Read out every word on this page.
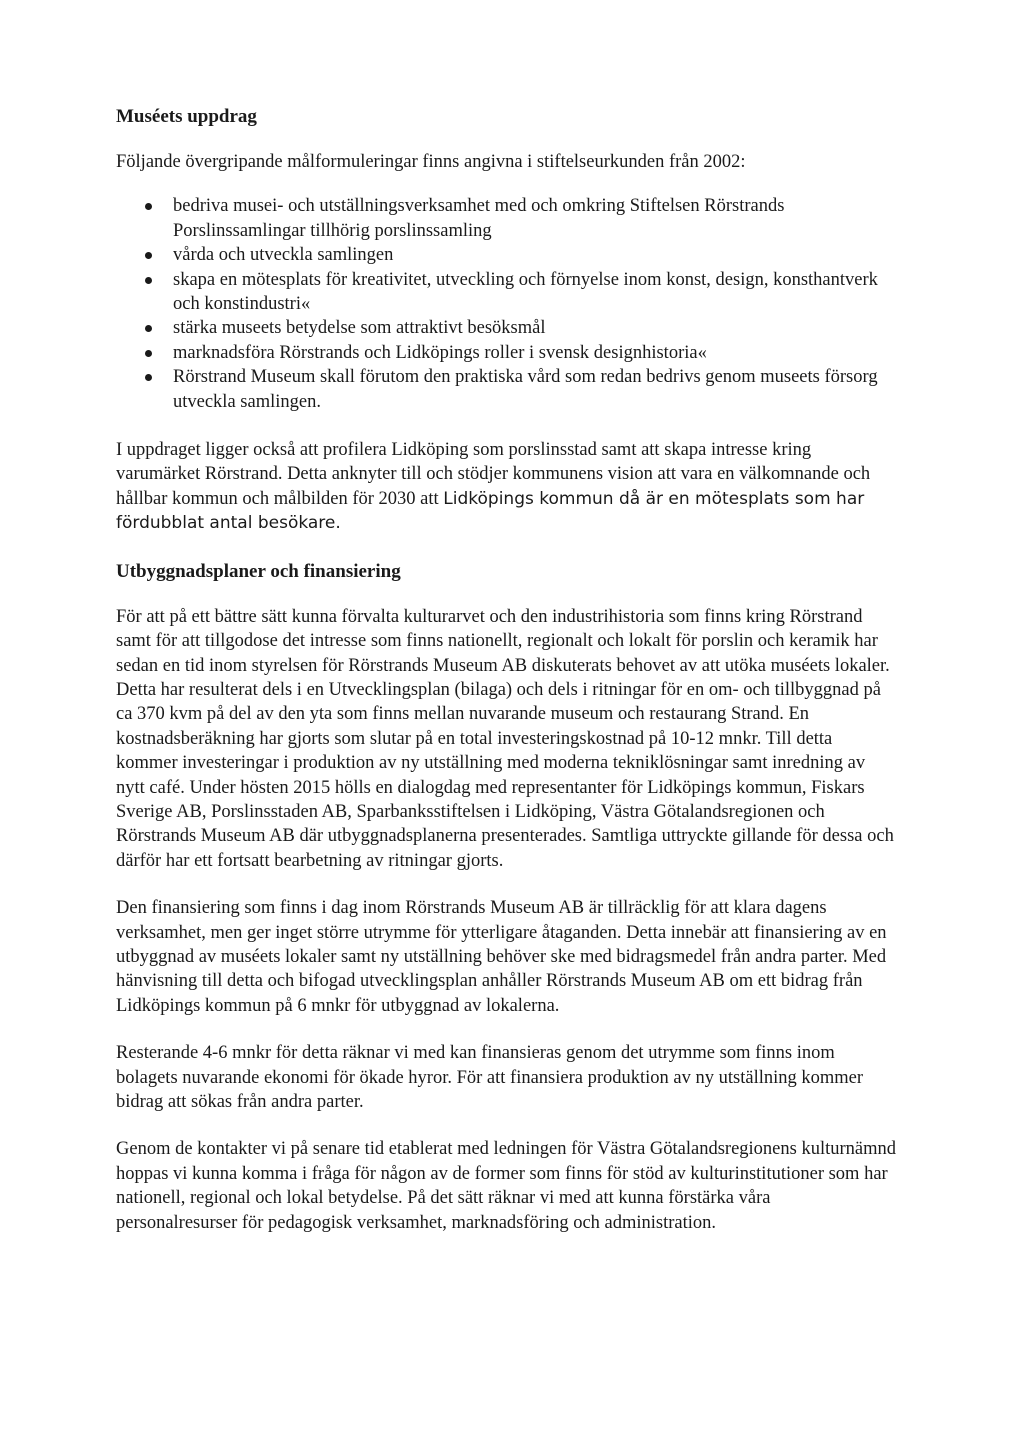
Muséets uppdrag

Följande övergripande målformuleringar finns angivna i stiftelseurkunden från 2002:

bedriva musei- och utställningsverksamhet med och omkring Stiftelsen Rörstrands Porslinssamlingar tillhörig porslinssamling
vårda och utveckla samlingen
skapa en mötesplats för kreativitet, utveckling och förnyelse inom konst, design, konsthantverk och konstindustri«
stärka museets betydelse som attraktivt besöksmål
marknadsföra Rörstrands och Lidköpings roller i svensk designhistoria«
Rörstrand Museum skall förutom den praktiska vård som redan bedrivs genom museets försorg utveckla samlingen.

I uppdraget ligger också att profilera Lidköping som porslinsstad samt att skapa intresse kring varumärket Rörstrand. Detta anknyter till och stödjer kommunens vision att vara en välkomnande och hållbar kommun och målbilden för 2030 att Lidköpings kommun då är en mötesplats som har fördubblat antal besökare.

Utbyggnadsplaner och finansiering

För att på ett bättre sätt kunna förvalta kulturarvet och den industrihistoria som finns kring Rörstrand samt för att tillgodose det intresse som finns nationellt, regionalt och lokalt för porslin och keramik har sedan en tid inom styrelsen för Rörstrands Museum AB diskuterats behovet av att utöka muséets lokaler. Detta har resulterat dels i en Utvecklingsplan (bilaga) och dels i ritningar för en om- och tillbyggnad på ca 370 kvm på del av den yta som finns mellan nuvarande museum och restaurang Strand. En kostnadsberäkning har gjorts som slutar på en total investeringskostnad på 10-12 mnkr. Till detta kommer investeringar i produktion av ny utställning med moderna tekniklösningar samt inredning av nytt café. Under hösten 2015 hölls en dialogdag med representanter för Lidköpings kommun, Fiskars Sverige AB, Porslinsstaden AB, Sparbanksstiftelsen i Lidköping, Västra Götalandsregionen och Rörstrands Museum AB där utbyggnadsplanerna presenterades. Samtliga uttryckte gillande för dessa och därför har ett fortsatt bearbetning av ritningar gjorts.

Den finansiering som finns i dag inom Rörstrands Museum AB är tillräcklig för att klara dagens verksamhet, men ger inget större utrymme för ytterligare åtaganden. Detta innebär att finansiering av en utbyggnad av muséets lokaler samt ny utställning behöver ske med bidragsmedel från andra parter. Med hänvisning till detta och bifogad utvecklingsplan anhåller Rörstrands Museum AB om ett bidrag från Lidköpings kommun på 6 mnkr för utbyggnad av lokalerna.

Resterande 4-6 mnkr för detta räknar vi med kan finansieras genom det utrymme som finns inom bolagets nuvarande ekonomi för ökade hyror. För att finansiera produktion av ny utställning kommer bidrag att sökas från andra parter.

Genom de kontakter vi på senare tid etablerat med ledningen för Västra Götalandsregionens kulturnämnd hoppas vi kunna komma i fråga för någon av de former som finns för stöd av kulturinstitutioner som har nationell, regional och lokal betydelse. På det sätt räknar vi med att kunna förstärka våra personalresurser för pedagogisk verksamhet, marknadsföring och administration.
